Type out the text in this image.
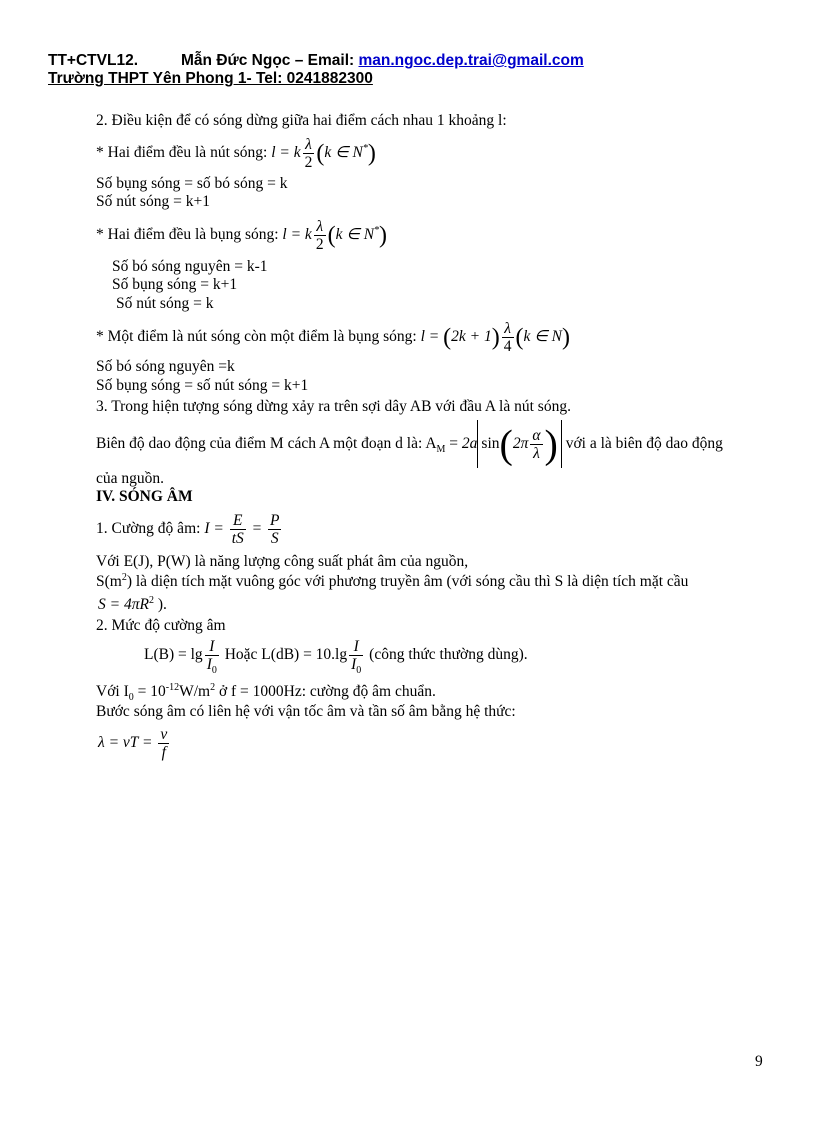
TT+CTVL12.	Mẫn Đức Ngọc – Email: man.ngoc.dep.trai@gmail.com
Trường THPT Yên Phong 1- Tel: 0241882300
2. Điều kiện để có sóng dừng giữa hai điểm cách nhau 1 khoảng l:
* Hai điểm đều là nút sóng: l = k $\frac{\lambda}{2} (k$ ∈ N*)
Số bụng sóng = số bó sóng = k
Số nút sóng = k+1
* Hai điểm đều là bụng sóng: l = k $\frac{\lambda}{2} (k$ ∈ N*)
Số bó sóng nguyên = k-1
Số bụng sóng = k+1
Số nút sóng = k
* Một điểm là nút sóng còn một điểm là bụng sóng: $l = (2k + 1) \frac{\lambda}{4} (k$ ∈ N)
Số bó sóng nguyên =k
Số bụng sóng = số nút sóng = k+1
3. Trong hiện tượng sóng dừng xảy ra trên sợi dây AB với đầu A là nút sóng.
Biên độ dao động của điểm M cách A một đoạn d là: $A_M = 2a$ $\sin(2\pi \frac{\alpha}{\lambda}$ ) với a là biên độ dao động
của nguồn.
IV. SÓNG ÂM
1. Cường độ âm: $I = \frac{E}{tS} = \frac{P}{S}$
Với E(J), P(W) là năng lượng công suất phát âm của nguồn,
$S(m^2)$ là diện tích mặt vuông góc với phương truyền âm (với sóng cầu thì S là diện tích mặt cầu
$S = 4\pi R^2$ ).
2. Mức độ cường âm
$L(B) = \lg \frac{I}{I_0}$ Hoặc $L(dB) = 10.\lg \frac{I}{I_0}$ (công thức thường dùng).
Với $I_0 = 10^{-12}W/m^2$ ở f = 1000Hz: cường độ âm chuẩn.
Bước sóng âm có liên hệ với vận tốc âm và tần số âm bằng hệ thức:
λ = vT = $\frac{v}{f}$
9
